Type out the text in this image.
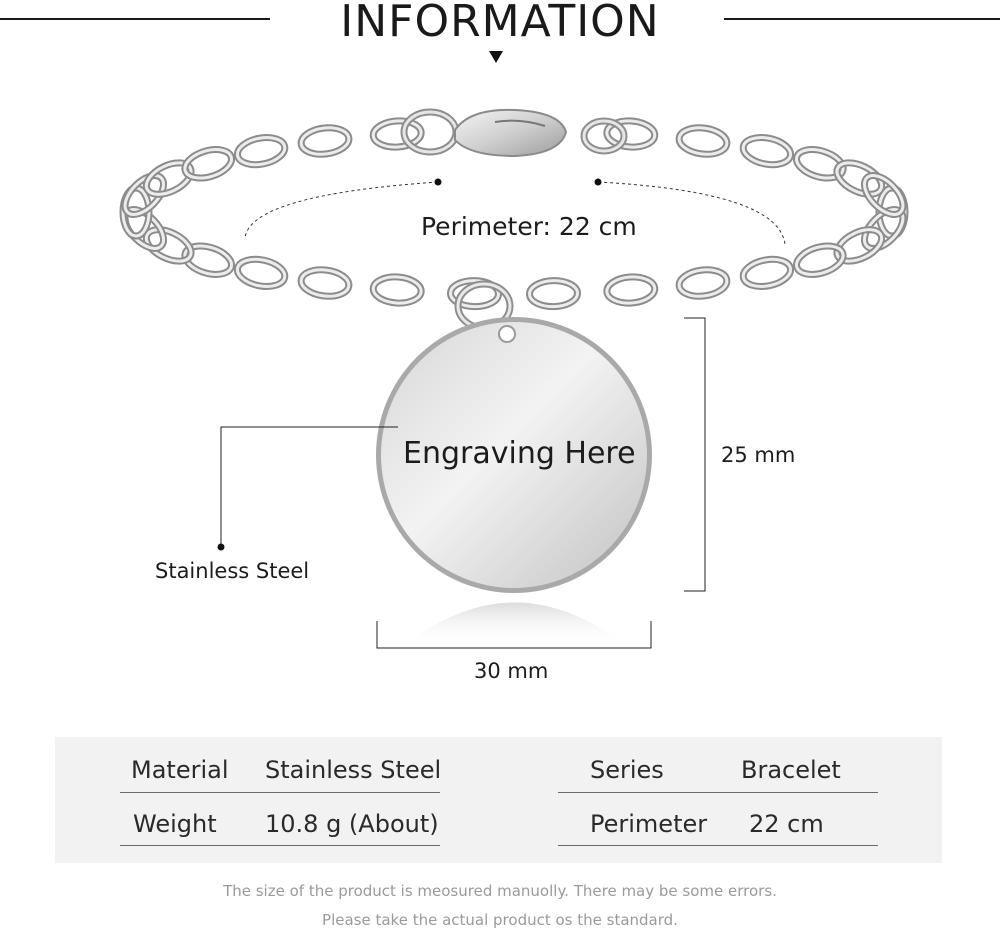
INFORMATION
Perimeter: 22 cm
Engraving Here	25 mm
30 mm
Stainless Steel
Material Stainless Steel
Weight 10.8 g (About)
Series	Bracelet
Perimeter 22 cm
The size of the product is meosured manuolly. There may be some errors.
Please take the actual product os the standard.
